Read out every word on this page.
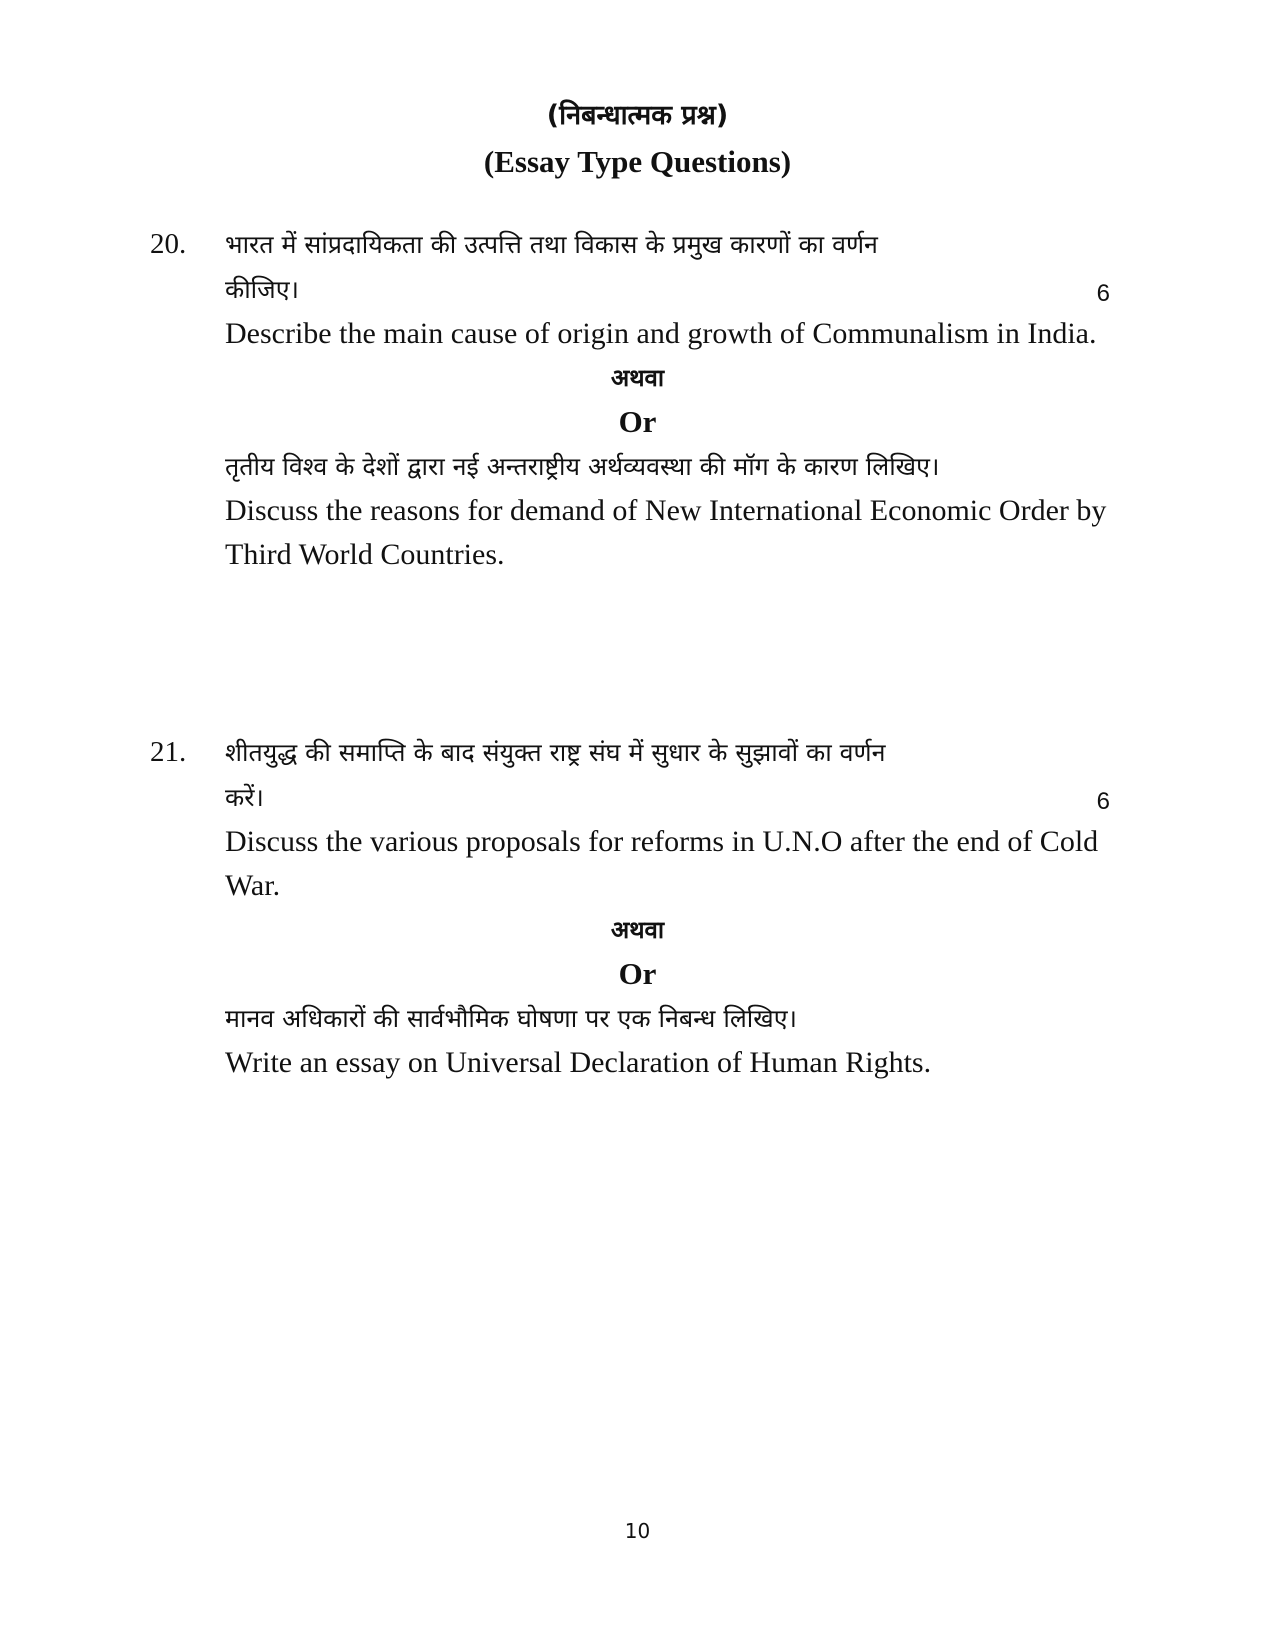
(निबन्धात्मक प्रश्न)
(Essay Type Questions)
20. भारत में सांप्रदायिकता की उत्पत्ति तथा विकास के प्रमुख कारणों का वर्णन

कीजिए।	6

Describe the main cause of origin and growth of Communalism in India.

अथवा

Or

तृतीय विश्व के देशों द्वारा नई अन्तराष्ट्रीय अर्थव्यवस्था की मॉग के कारण लिखिए।

Discuss the reasons for demand of New International Economic Order by Third World Countries.

21. शीतयुद्ध की समाप्ति के बाद संयुक्त राष्ट्र संघ में सुधार के सुझावों का वर्णन

करें।	6

Discuss the various proposals for reforms in U.N.O after the end of Cold War.

अथवा

Or

मानव अधिकारों की सार्वभौमिक घोषणा पर एक निबन्ध लिखिए।

Write an essay on Universal Declaration of Human Rights.

10
